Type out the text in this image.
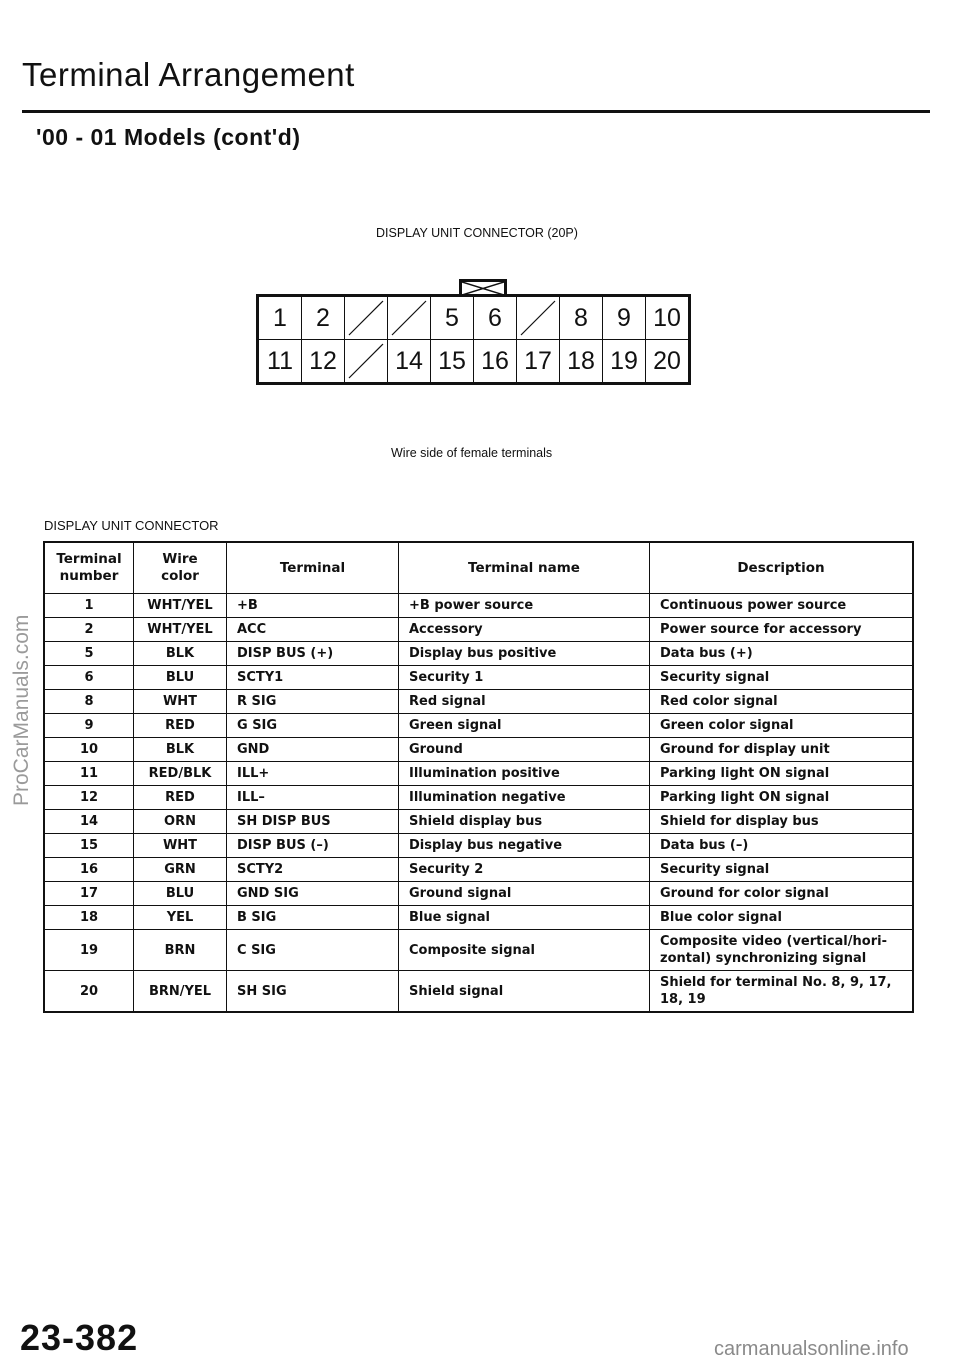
Terminal Arrangement
'00 - 01 Models (cont'd)
DISPLAY UNIT CONNECTOR (20P)
1	2			5	6		8	9	10
11	12		14	15	16	17	18	19	20
Wire side of female terminals
DISPLAY UNIT CONNECTOR
Terminal number	Wire color	Terminal	Terminal name	Description
1	WHT/YEL	+B	+B power source	Continuous power source
2	WHT/YEL	ACC	Accessory	Power source for accessory
5	BLK	DISP BUS (+)	Display bus positive	Data bus (+)
6	BLU	SCTY1	Security 1	Security signal
8	WHT	R SIG	Red signal	Red color signal
9	RED	G SIG	Green signal	Green color signal
10	BLK	GND	Ground	Ground for display unit
11	RED/BLK	ILL+	Illumination positive	Parking light ON signal
12	RED	ILL–	Illumination negative	Parking light ON signal
14	ORN	SH DISP BUS	Shield display bus	Shield for display bus
15	WHT	DISP BUS (–)	Display bus negative	Data bus (–)
16	GRN	SCTY2	Security 2	Security signal
17	BLU	GND SIG	Ground signal	Ground for color signal
18	YEL	B SIG	Blue signal	Blue color signal
19	BRN	C SIG	Composite signal	Composite video (vertical/hori-zontal) synchronizing signal
20	BRN/YEL	SH SIG	Shield signal	Shield for terminal No. 8, 9, 17, 18, 19
ProCarManuals.com
23-382	carmanualsonline.info
